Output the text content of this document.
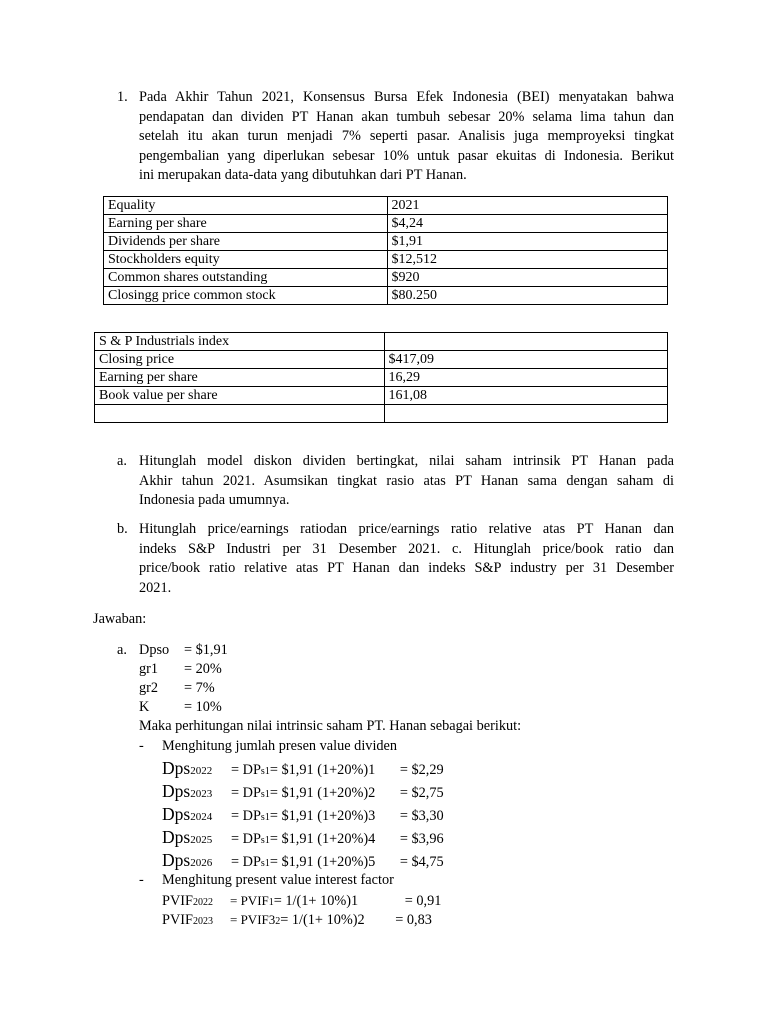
1. Pada Akhir Tahun 2021, Konsensus Bursa Efek Indonesia (BEI) menyatakan bahwa
pendapatan dan dividen PT Hanan akan tumbuh sebesar 20% selama lima tahun dan
setelah itu akan turun menjadi 7% seperti pasar. Analisis juga memproyeksi tingkat
pengembalian yang diperlukan sebesar 10% untuk pasar ekuitas di Indonesia. Berikut
ini merupakan data-data yang dibutuhkan dari PT Hanan.
Equality	2021
Earning per share	$4,24
Dividends per share	$1,91
Stockholders equity	$12,512
Common shares outstanding	$920
Closingg price common stock	$80.250
S & P Industrials index	
Closing price	$417,09
Earning per share	16,29
Book value per share	161,08

a. Hitunglah model diskon dividen bertingkat, nilai saham intrinsik PT Hanan pada
Akhir tahun 2021. Asumsikan tingkat rasio atas PT Hanan sama dengan saham di
Indonesia pada umumnya.
b. Hitunglah price/earnings ratiodan price/earnings ratio relative atas PT Hanan dan
indeks S&P Industri per 31 Desember 2021. c. Hitunglah price/book ratio dan
price/book ratio relative atas PT Hanan dan indeks S&P industry per 31 Desember
2021.
Jawaban:
a. Dpso = $1,91
gr1 = 20%
gr2 = 7%
K = 10%
Maka perhitungan nilai intrinsic saham PT. Hanan sebagai berikut:
- Menghitung jumlah presen value dividen
Dps2022 = DPs1= $1,91 (1+20%)1 = $2,29
Dps2023 = DPs1= $1,91 (1+20%)2 = $2,75
Dps2024 = DPs1= $1,91 (1+20%)3 = $3,30
Dps2025 = DPs1= $1,91 (1+20%)4 = $3,96
Dps2026 = DPs1= $1,91 (1+20%)5 = $4,75
- Menghitung present value interest factor
PVIF2022 = PVIF1= 1/(1+ 10%)1	= 0,91
PVIF2023 = PVIF32= 1/(1+ 10%)2 = 0,83
